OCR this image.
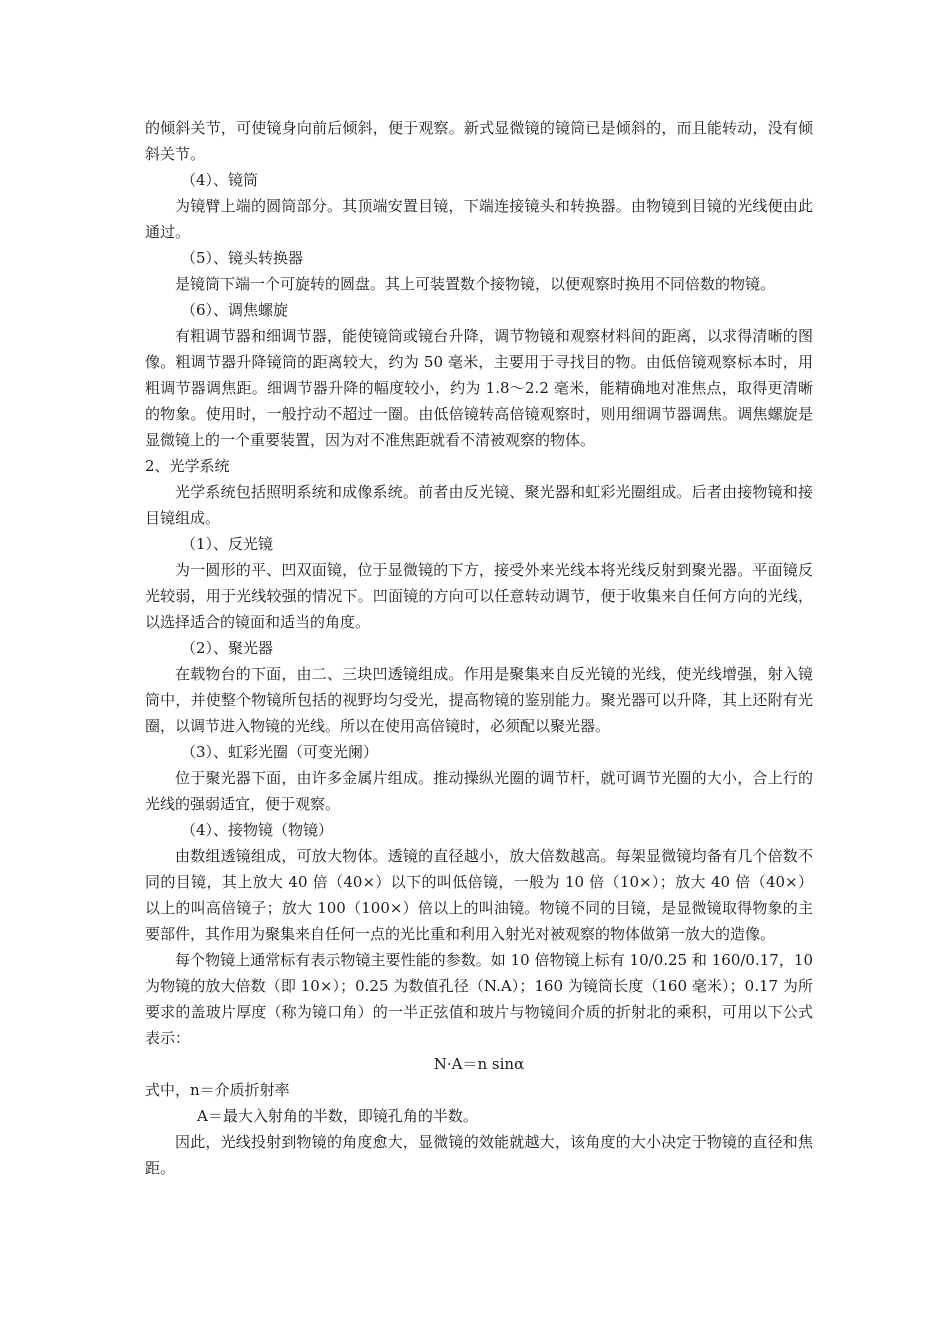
的倾斜关节，可使镜身向前后倾斜，便于观察。新式显微镜的镜筒已是倾斜的，而且能转动，没有倾斜关节。

（4）、镜筒

为镜臂上端的圆筒部分。其顶端安置目镜，下端连接镜头和转换器。由物镜到目镜的光线便由此通过。

（5）、镜头转换器

是镜筒下端一个可旋转的圆盘。其上可装置数个接物镜，以便观察时换用不同倍数的物镜。

（6）、调焦螺旋

有粗调节器和细调节器，能使镜筒或镜台升降，调节物镜和观察材料间的距离，以求得清晰的图像。粗调节器升降镜筒的距离较大，约为 50 毫米，主要用于寻找目的物。由低倍镜观察标本时，用粗调节器调焦距。细调节器升降的幅度较小，约为 1.8～2.2 毫米，能精确地对准焦点，取得更清晰的物象。使用时，一般拧动不超过一圈。由低倍镜转高倍镜观察时，则用细调节器调焦。调焦螺旋是显微镜上的一个重要装置，因为对不准焦距就看不清被观察的物体。

2、光学系统

光学系统包括照明系统和成像系统。前者由反光镜、聚光器和虹彩光圈组成。后者由接物镜和接目镜组成。

（1）、反光镜

为一圆形的平、凹双面镜，位于显微镜的下方，接受外来光线本将光线反射到聚光器。平面镜反光较弱，用于光线较强的情况下。凹面镜的方向可以任意转动调节，便于收集来自任何方向的光线，以选择适合的镜面和适当的角度。

（2）、聚光器

在载物台的下面，由二、三块凹透镜组成。作用是聚集来自反光镜的光线，使光线增强，射入镜筒中，并使整个物镜所包括的视野均匀受光，提高物镜的鉴别能力。聚光器可以升降，其上还附有光圈，以调节进入物镜的光线。所以在使用高倍镜时，必须配以聚光器。

（3）、虹彩光圈（可变光阑）

位于聚光器下面，由许多金属片组成。推动操纵光圈的调节杆，就可调节光圈的大小，合上行的光线的强弱适宜，便于观察。

（4）、接物镜（物镜）

由数组透镜组成，可放大物体。透镜的直径越小，放大倍数越高。每架显微镜均备有几个倍数不同的目镜，其上放大 40 倍（40×）以下的叫低倍镜，一般为 10 倍（10×）；放大 40 倍（40×）以上的叫高倍镜子；放大 100（100×）倍以上的叫油镜。物镜不同的目镜，是显微镜取得物象的主要部件，其作用为聚集来自任何一点的光比重和利用入射光对被观察的物体做第一放大的造像。

每个物镜上通常标有表示物镜主要性能的参数。如 10 倍物镜上标有 10/0.25 和 160/0.17，10 为物镜的放大倍数（即 10×）；0.25 为数值孔径（N.A）；160 为镜筒长度（160 毫米）；0.17 为所要求的盖玻片厚度（称为镜口角）的一半正弦值和玻片与物镜间介质的折射北的乘积，可用以下公式表示：

N·A＝n sinα

式中，n＝介质折射率

A＝最大入射角的半数，即镜孔角的半数。

因此，光线投射到物镜的角度愈大，显微镜的效能就越大，该角度的大小决定于物镜的直径和焦距。
